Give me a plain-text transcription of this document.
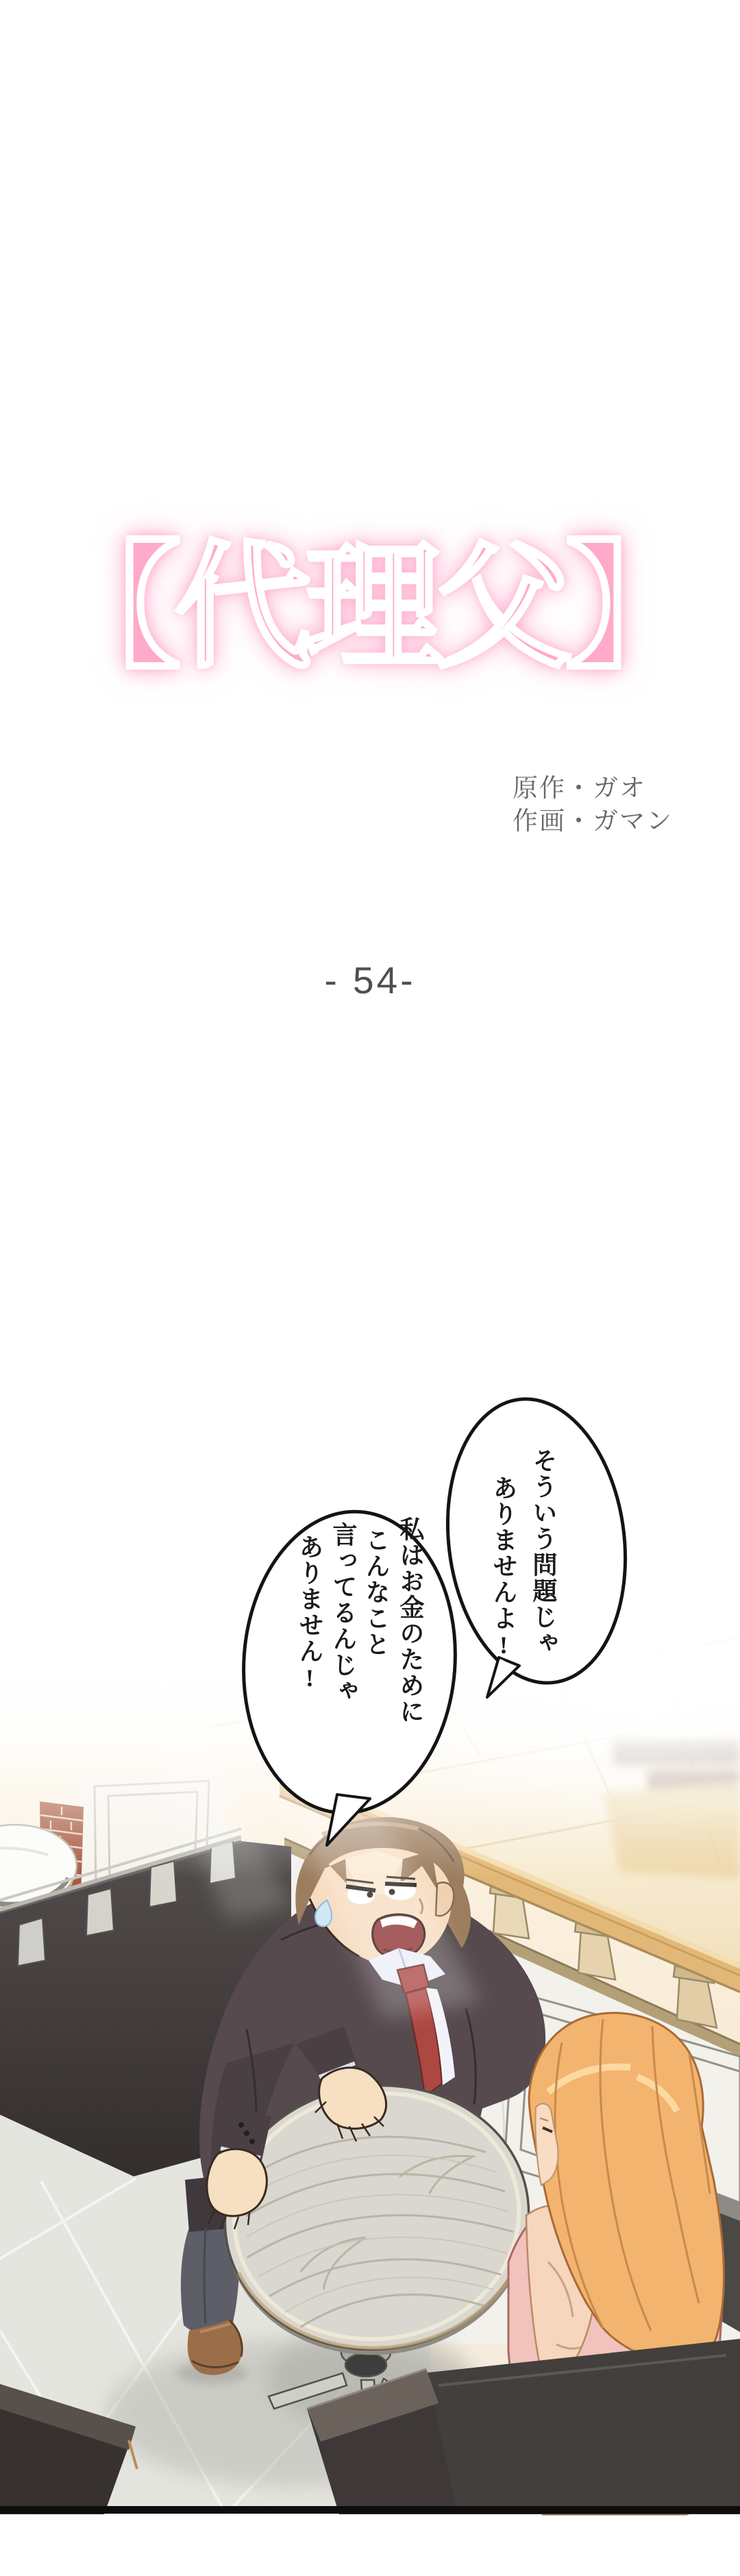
【代理父】
原作・ガオ
作画・ガマン
- 54-
そういう問題じゃ
ありませんよ!
私はお金のために
こんなこと
言ってるんじゃ
ありません!
